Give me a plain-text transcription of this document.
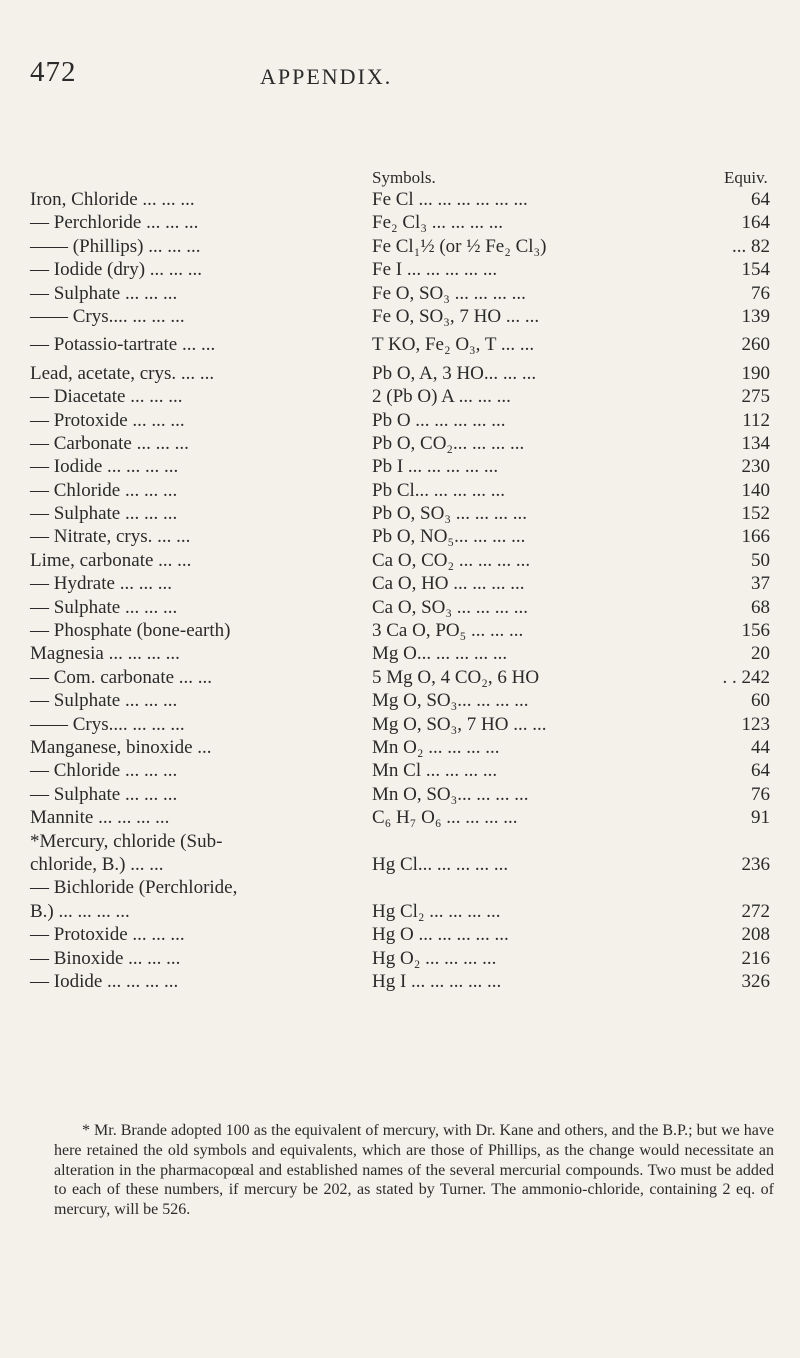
472	APPENDIX.
Symbols.	Equiv.
Iron, Chloride ... ... ...	Fe Cl ... ... ... ... ... ...	64
— Perchloride ... ... ...	Fe₂ Cl₃ ... ... ... ...	164
—— (Phillips) ... ... ...	Fe Cl₁½ (or ½ Fe₂ Cl₃)	... 82
— Iodide (dry) ... ... ...	Fe I ... ... ... ... ...	154
— Sulphate ... ... ...	Fe O, SO₃ ... ... ... ...	76
—— Crys.... ... ... ...	Fe O, SO₃, 7 HO ... ...	139
— Potassio-tartrate ... ...	T KO, Fe₂ O₃, T ... ...	260
Lead, acetate, crys. ... ...	Pb O, A, 3 HO... ... ...	190
— Diacetate ... ... ...	2 (Pb O) A ... ... ...	275
— Protoxide ... ... ...	Pb O ... ... ... ... ...	112
— Carbonate ... ... ...	Pb O, CO₂... ... ... ...	134
— Iodide ... ... ... ...	Pb I ... ... ... ... ...	230
— Chloride ... ... ...	Pb Cl... ... ... ... ...	140
— Sulphate ... ... ...	Pb O, SO₃ ... ... ... ...	152
— Nitrate, crys. ... ...	Pb O, NO₅... ... ... ...	166
Lime, carbonate ... ...	Ca O, CO₂ ... ... ... ...	50
— Hydrate ... ... ...	Ca O, HO ... ... ... ...	37
— Sulphate ... ... ...	Ca O, SO₃ ... ... ... ...	68
— Phosphate (bone-earth)	3 Ca O, PO₅ ... ... ...	156
Magnesia ... ... ... ...	Mg O... ... ... ... ...	20
— Com. carbonate ... ...	5 Mg O, 4 CO₂, 6 HO	. . 242
— Sulphate ... ... ...	Mg O, SO₃... ... ... ...	60
—— Crys.... ... ... ...	Mg O, SO₃, 7 HO ... ...	123
Manganese, binoxide ...	Mn O₂ ... ... ... ...	44
— Chloride ... ... ...	Mn Cl ... ... ... ...	64
— Sulphate ... ... ...	Mn O, SO₃... ... ... ...	76
Mannite ... ... ... ...	C₆ H₇ O₆ ... ... ... ...	91
*Mercury, chloride (Sub-
chloride, B.) ... ...	Hg Cl... ... ... ... ...	236
— Bichloride (Perchloride,
B.) ... ... ... ...	Hg Cl₂ ... ... ... ...	272
— Protoxide ... ... ...	Hg O ... ... ... ... ...	208
— Binoxide ... ... ...	Hg O₂ ... ... ... ...	216
— Iodide ... ... ... ...	Hg I ... ... ... ... ...	326

* Mr. Brande adopted 100 as the equivalent of mercury, with Dr. Kane and others, and the B.P.; but we have here retained the old symbols and equivalents, which are those of Phillips, as the change would necessitate an alteration in the pharmacopœal and established names of the several mercurial compounds. Two must be added to each of these numbers, if mercury be 202, as stated by Turner. The ammonio-chloride, containing 2 eq. of mercury, will be 526.
